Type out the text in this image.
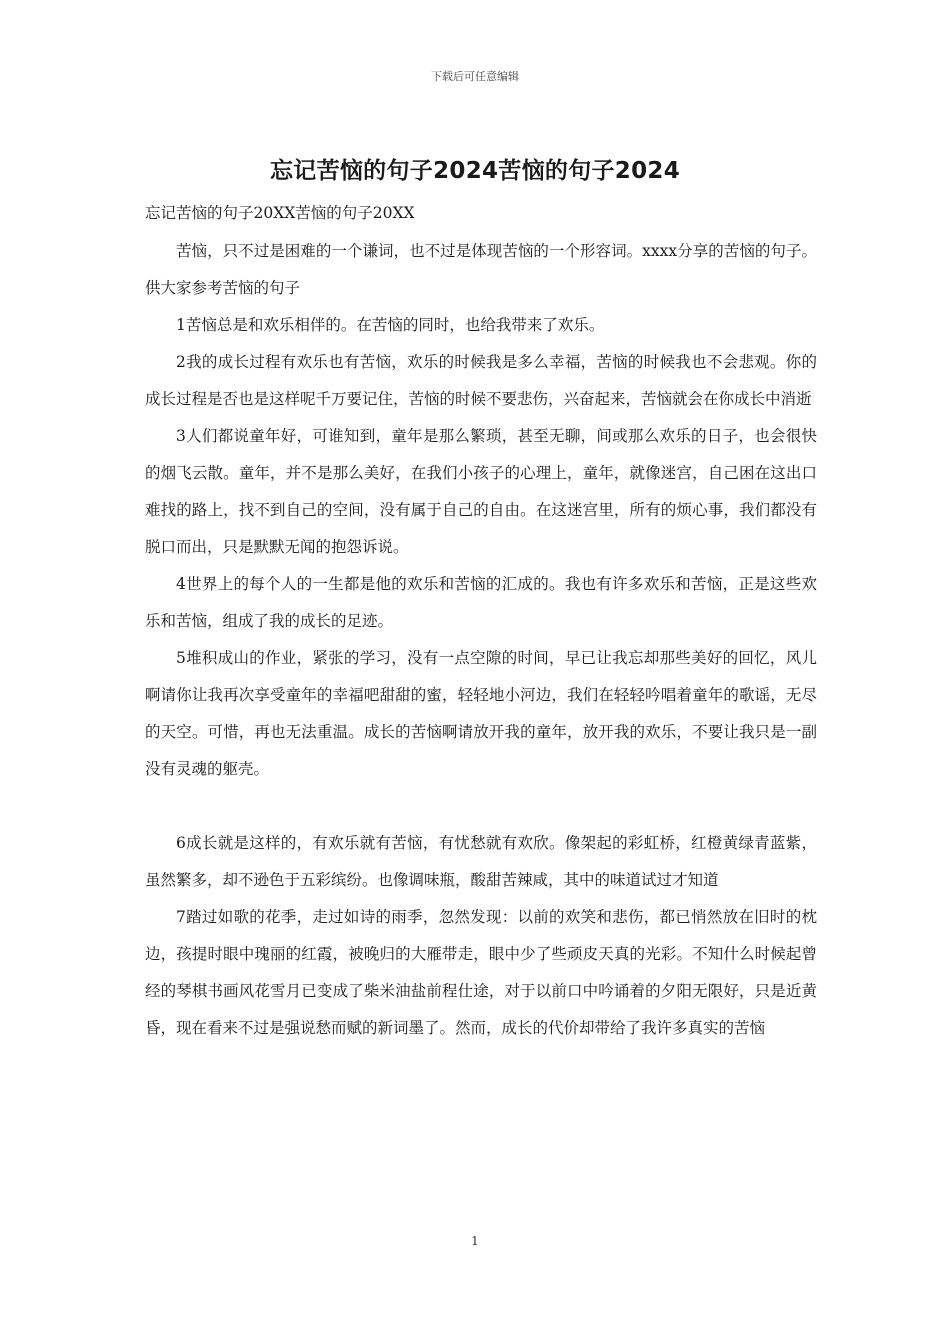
下载后可任意编辑
忘记苦恼的句子2024苦恼的句子2024

忘记苦恼的句子20XX苦恼的句子20XX

苦恼，只不过是困难的一个谦词，也不过是体现苦恼的一个形容词。xxxx分享的苦恼的句子。供大家参考苦恼的句子

1苦恼总是和欢乐相伴的。在苦恼的同时，也给我带来了欢乐。

2我的成长过程有欢乐也有苦恼，欢乐的时候我是多么幸福，苦恼的时候我也不会悲观。你的成长过程是否也是这样呢千万要记住，苦恼的时候不要悲伤，兴奋起来，苦恼就会在你成长中消逝

3人们都说童年好，可谁知到，童年是那么繁琐，甚至无聊，间或那么欢乐的日子，也会很快的烟飞云散。童年，并不是那么美好，在我们小孩子的心理上，童年，就像迷宫，自己困在这出口难找的路上，找不到自己的空间，没有属于自己的自由。在这迷宫里，所有的烦心事，我们都没有脱口而出，只是默默无闻的抱怨诉说。

4世界上的每个人的一生都是他的欢乐和苦恼的汇成的。我也有许多欢乐和苦恼，正是这些欢乐和苦恼，组成了我的成长的足迹。

5堆积成山的作业，紧张的学习，没有一点空隙的时间，早已让我忘却那些美好的回忆，风儿啊请你让我再次享受童年的幸福吧甜甜的蜜，轻轻地小河边，我们在轻轻吟唱着童年的歌谣，无尽的天空。可惜，再也无法重温。成长的苦恼啊请放开我的童年，放开我的欢乐，不要让我只是一副没有灵魂的躯壳。

6成长就是这样的，有欢乐就有苦恼，有忧愁就有欢欣。像架起的彩虹桥，红橙黄绿青蓝紫，虽然繁多，却不逊色于五彩缤纷。也像调味瓶，酸甜苦辣咸，其中的味道试过才知道

7踏过如歌的花季，走过如诗的雨季，忽然发现：以前的欢笑和悲伤，都已悄然放在旧时的枕边，孩提时眼中瑰丽的红霞，被晚归的大雁带走，眼中少了些顽皮天真的光彩。不知什么时候起曾经的琴棋书画风花雪月已变成了柴米油盐前程仕途，对于以前口中吟诵着的夕阳无限好，只是近黄昏，现在看来不过是强说愁而赋的新词墨了。然而，成长的代价却带给了我许多真实的苦恼

1
